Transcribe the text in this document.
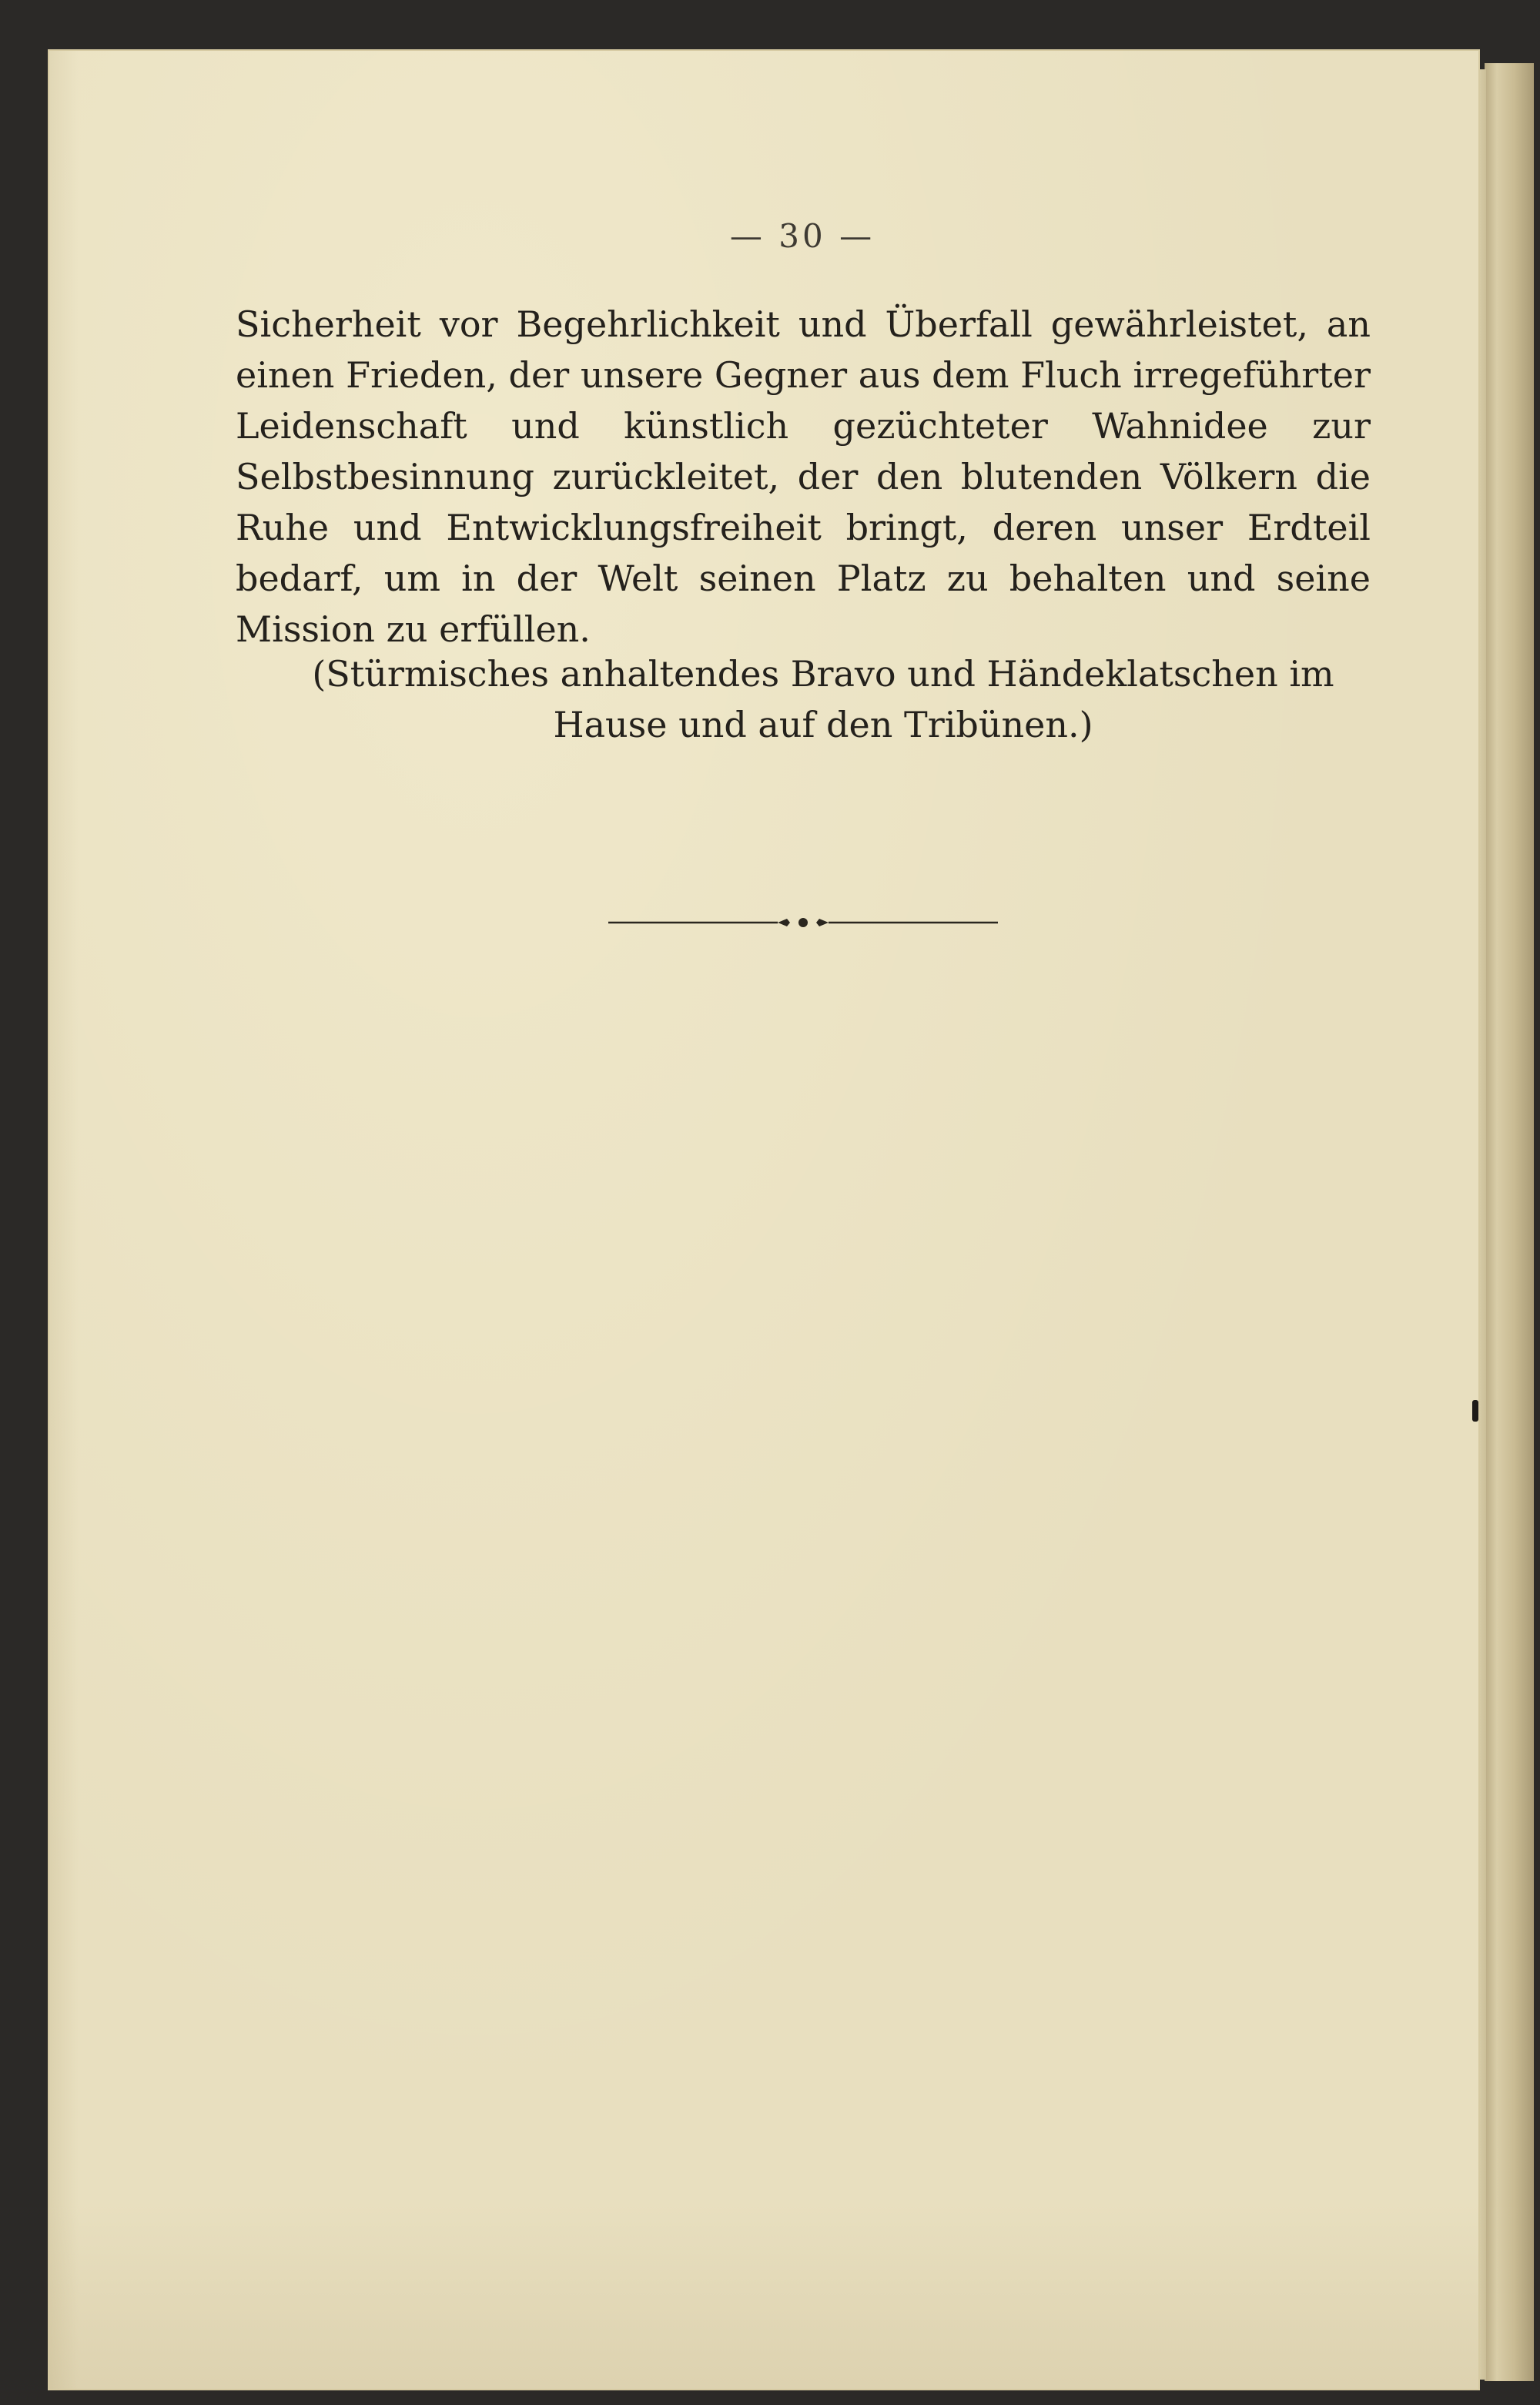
— 30 —

Sicherheit vor Begehrlichkeit und Überfall gewährleistet, an einen Frieden, der unsere Gegner aus dem Fluch irregeführter Leidenschaft und künstlich gezüchteter Wahnidee zur Selbstbesinnung zurückleitet, der den blutenden Völkern die Ruhe und Entwicklungsfreiheit bringt, deren unser Erdteil bedarf, um in der Welt seinen Platz zu behalten und seine Mission zu erfüllen.

(Stürmisches anhaltendes Bravo und Händeklatschen im Hause und auf den Tribünen.)
